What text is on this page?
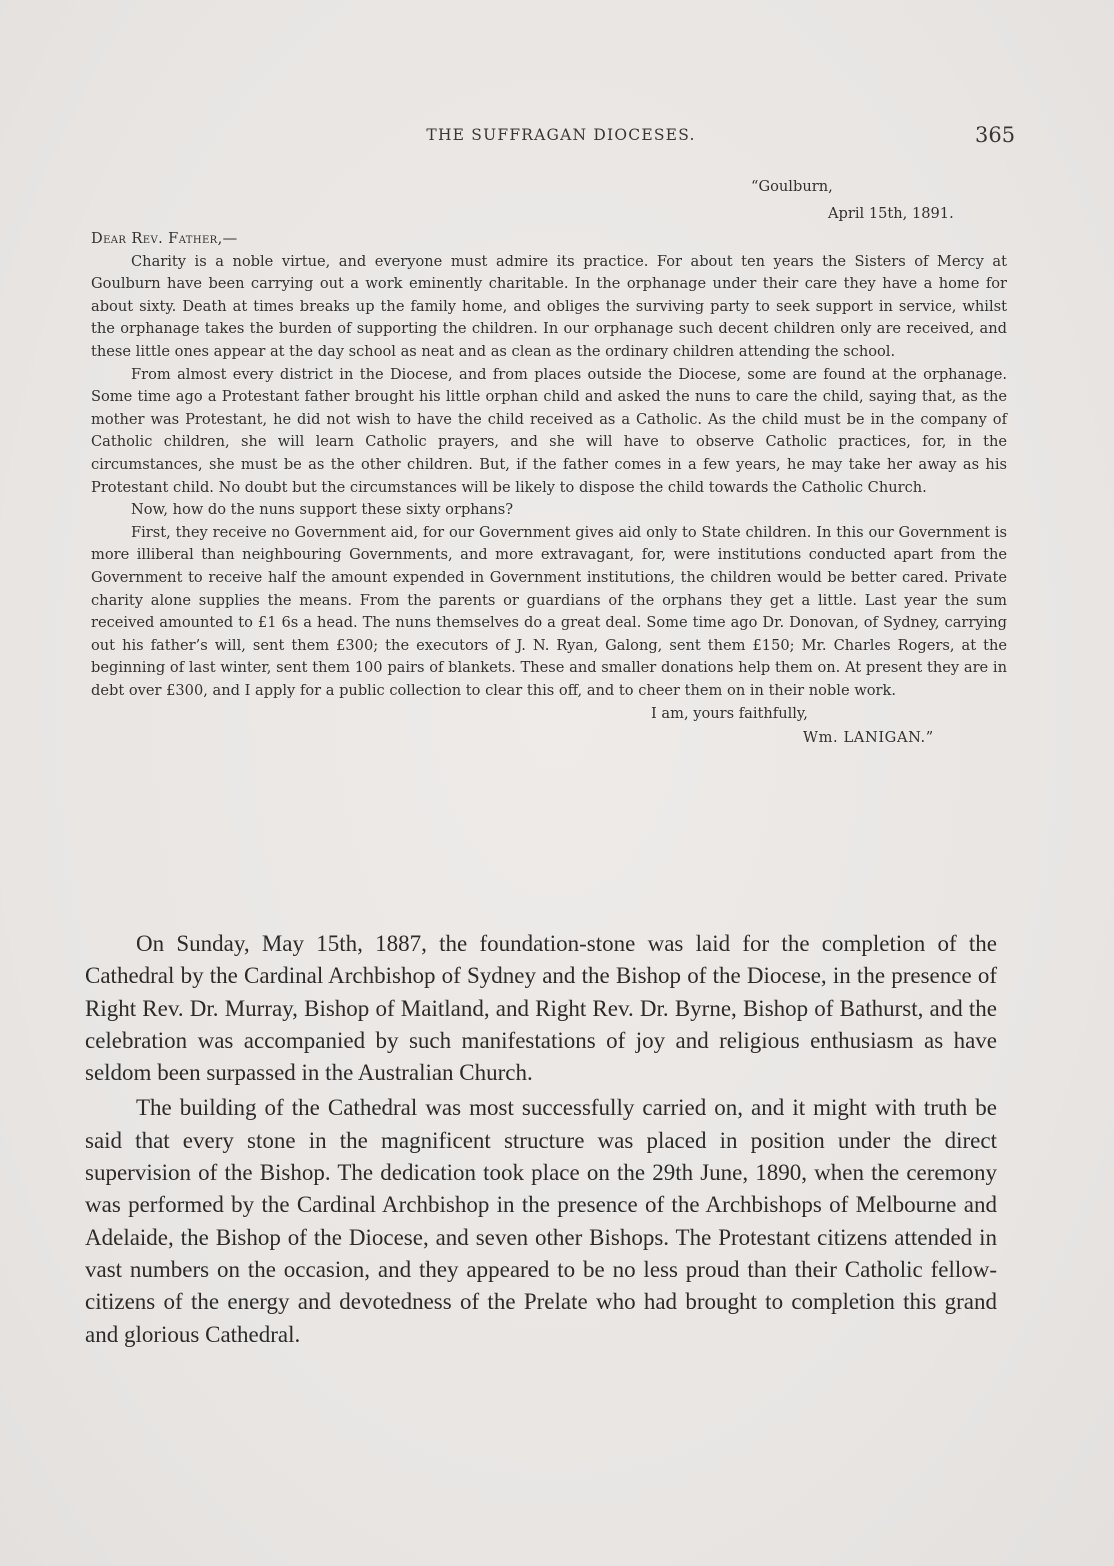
THE SUFFRAGAN DIOCESES.	365
“Goulburn,
April 15th, 1891.
Dear Rev. Father,—

Charity is a noble virtue, and everyone must admire its practice. For about ten years the Sisters of Mercy at Goulburn have been carrying out a work eminently charitable. In the orphanage under their care they have a home for about sixty. Death at times breaks up the family home, and obliges the surviving party to seek support in service, whilst the orphanage takes the burden of supporting the children. In our orphanage such decent children only are received, and these little ones appear at the day school as neat and as clean as the ordinary children attending the school.

From almost every district in the Diocese, and from places outside the Diocese, some are found at the orphanage. Some time ago a Protestant father brought his little orphan child and asked the nuns to care the child, saying that, as the mother was Protestant, he did not wish to have the child received as a Catholic. As the child must be in the company of Catholic children, she will learn Catholic prayers, and she will have to observe Catholic practices, for, in the circumstances, she must be as the other children. But, if the father comes in a few years, he may take her away as his Protestant child. No doubt but the circumstances will be likely to dispose the child towards the Catholic Church.

Now, how do the nuns support these sixty orphans?

First, they receive no Government aid, for our Government gives aid only to State children. In this our Government is more illiberal than neighbouring Governments, and more extravagant, for, were institutions conducted apart from the Government to receive half the amount expended in Government institutions, the children would be better cared. Private charity alone supplies the means. From the parents or guardians of the orphans they get a little. Last year the sum received amounted to £1 6s a head. The nuns themselves do a great deal. Some time ago Dr. Donovan, of Sydney, carrying out his father’s will, sent them £300; the executors of J. N. Ryan, Galong, sent them £150; Mr. Charles Rogers, at the beginning of last winter, sent them 100 pairs of blankets. These and smaller donations help them on. At present they are in debt over £300, and I apply for a public collection to clear this off, and to cheer them on in their noble work.

I am, yours faithfully,
Wm. LANIGAN.”

On Sunday, May 15th, 1887, the foundation-stone was laid for the completion of the Cathedral by the Cardinal Archbishop of Sydney and the Bishop of the Diocese, in the presence of Right Rev. Dr. Murray, Bishop of Maitland, and Right Rev. Dr. Byrne, Bishop of Bathurst, and the celebration was accompanied by such manifestations of joy and religious enthusiasm as have seldom been surpassed in the Australian Church.

The building of the Cathedral was most successfully carried on, and it might with truth be said that every stone in the magnificent structure was placed in position under the direct supervision of the Bishop. The dedication took place on the 29th June, 1890, when the ceremony was performed by the Cardinal Archbishop in the presence of the Archbishops of Melbourne and Adelaide, the Bishop of the Diocese, and seven other Bishops. The Protestant citizens attended in vast numbers on the occasion, and they appeared to be no less proud than their Catholic fellow-citizens of the energy and devotedness of the Prelate who had brought to completion this grand and glorious Cathedral.
